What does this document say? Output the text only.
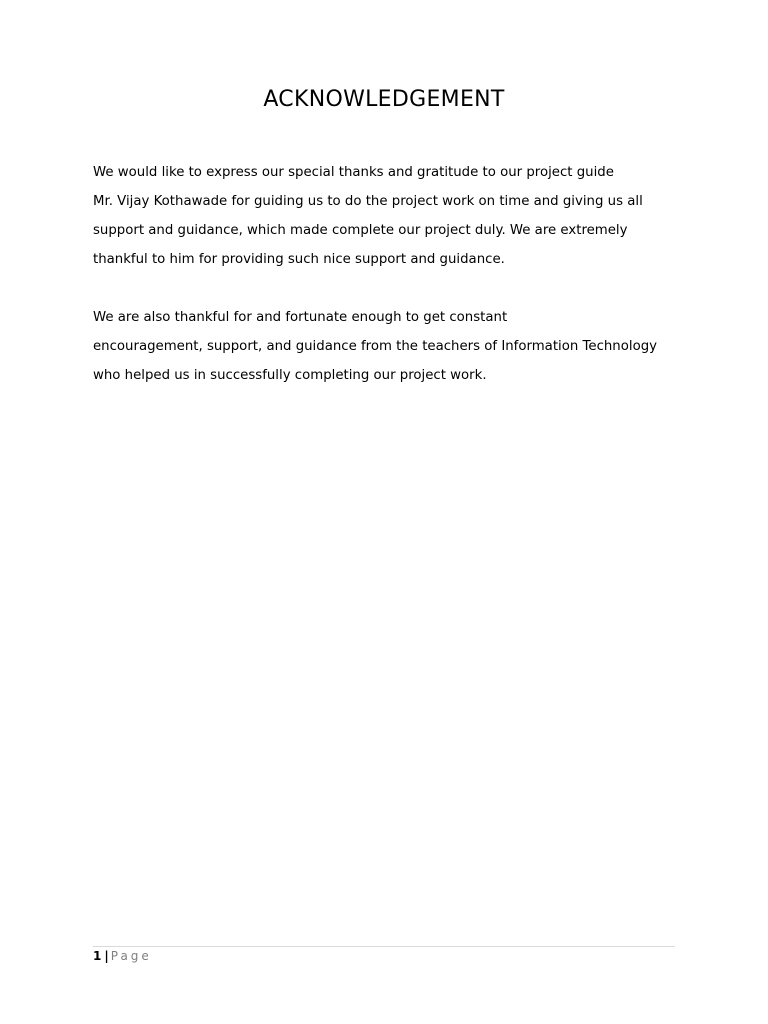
ACKNOWLEDGEMENT
We would like to express our special thanks and gratitude to our project guide
Mr. Vijay Kothawade for guiding us to do the project work on time and giving us all
support and guidance, which made complete our project duly. We are extremely
thankful to him for providing such nice support and guidance.
We are also thankful for and fortunate enough to get constant
encouragement, support, and guidance from the teachers of Information Technology
who helped us in successfully completing our project work.
1 | Page
